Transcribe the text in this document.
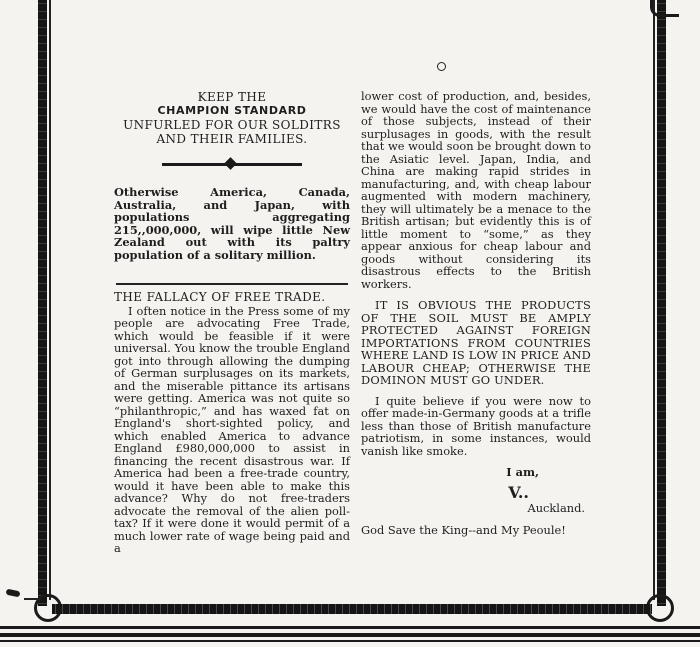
KEEP THE
CHAMPION STANDARD
UNFURLED FOR OUR SOLDITRS
AND THEIR FAMILIES.
Otherwise America, Canada, Australia, and Japan, with populations aggregating 215,,000,000, will wipe little New Zealand out with its paltry population of a solitary million.
THE FALLACY OF FREE TRADE.
I often notice in the Press some of my people are advocating Free Trade, which would be feasible if it were universal. You know the trouble England got into through allowing the dumping of German surplusages on its markets, and the miserable pittance its artisans were getting. America was not quite so “philanthropic,” and has waxed fat on England's short-sighted policy, and which enabled America to advance England £980,000,000 to assist in financing the recent disastrous war. If America had been a free-trade country, would it have been able to make this advance? Why do not free-traders advocate the removal of the alien poll-tax? If it were done it would permit of a much lower rate of wage being paid and a
lower cost of production, and, besides, we would have the cost of maintenance of those subjects, instead of their surplusages in goods, with the result that we would soon be brought down to the Asiatic level. Japan, India, and China are making rapid strides in manufacturing, and, with cheap labour augmented with modern machinery, they will ultimately be a menace to the British artisan; but evidently this is of little moment to “some,” as they appear anxious for cheap labour and goods without considering its disastrous effects to the British workers.
IT IS OBVIOUS THE PRODUCTS OF THE SOIL MUST BE AMPLY PROTECTED AGAINST FOREIGN IMPORTATIONS FROM COUNTRIES WHERE LAND IS LOW IN PRICE AND LABOUR CHEAP; OTHERWISE THE DOMINON MUST GO UNDER.
I quite believe if you were now to offer made-in-Germany goods at a trifle less than those of British manufacture patriotism, in some instances, would vanish like smoke.
I am,
V..
Auckland.
God Save the King--and My Peoule!
